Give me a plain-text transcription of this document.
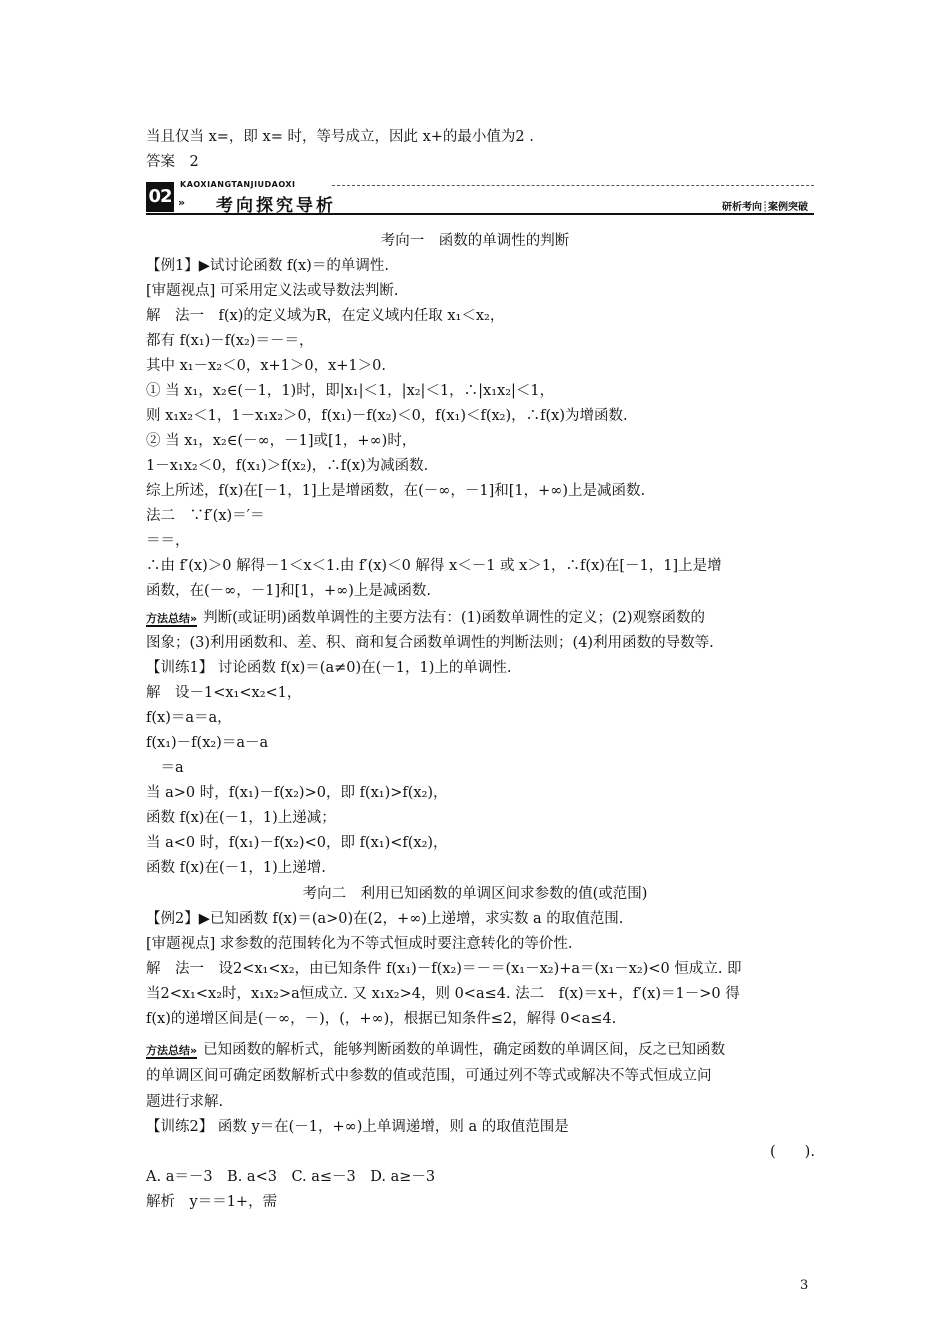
当且仅当 x=，即 x= 时，等号成立，因此 x+的最小值为2 .
答案　2
02
KAOXIANGTANJIUDAOXI
» 考向探究导析	研析考向┊案例突破
考向一　函数的单调性的判断
【例1】▶试讨论函数 f(x)＝的单调性.
[审题视点] 可采用定义法或导数法判断.
解　法一　f(x)的定义域为R，在定义域内任取 x₁＜x₂，
都有 f(x₁)－f(x₂)＝－＝，
其中 x₁－x₂＜0，x+1＞0，x+1＞0.
① 当 x₁，x₂∈(－1，1)时，即|x₁|＜1，|x₂|＜1，∴|x₁x₂|＜1，
则 x₁x₂＜1，1－x₁x₂＞0，f(x₁)－f(x₂)＜0，f(x₁)＜f(x₂)，∴f(x)为增函数.
② 当 x₁，x₂∈(－∞，－1]或[1，+∞)时，
1－x₁x₂＜0，f(x₁)＞f(x₂)，∴f(x)为减函数.
综上所述，f(x)在[－1，1]上是增函数，在(－∞，－1]和[1，+∞)上是减函数.
法二　∵f′(x)＝′＝
＝＝，
∴由 f′(x)＞0 解得－1＜x＜1.由 f′(x)＜0 解得 x＜－1 或 x＞1，∴f(x)在[－1，1]上是增
函数，在(－∞，－1]和[1，+∞)上是减函数.
方法总结» 判断(或证明)函数单调性的主要方法有：(1)函数单调性的定义；(2)观察函数的
图象；(3)利用函数和、差、积、商和复合函数单调性的判断法则；(4)利用函数的导数等.
【训练1】 讨论函数 f(x)＝(a≠0)在(－1，1)上的单调性.
解　设－1<x₁<x₂<1，
f(x)＝a＝a，
f(x₁)－f(x₂)＝a－a
　＝a
当 a>0 时，f(x₁)－f(x₂)>0，即 f(x₁)>f(x₂)，
函数 f(x)在(－1，1)上递减；
当 a<0 时，f(x₁)－f(x₂)<0，即 f(x₁)<f(x₂)，
函数 f(x)在(－1，1)上递增.
考向二　利用已知函数的单调区间求参数的值(或范围)
【例2】▶已知函数 f(x)＝(a>0)在(2，+∞)上递增，求实数 a 的取值范围.
[审题视点] 求参数的范围转化为不等式恒成时要注意转化的等价性.
解　法一　设2<x₁<x₂，由已知条件 f(x₁)－f(x₂)＝－＝(x₁－x₂)+a＝(x₁－x₂)<0 恒成立. 即
当2<x₁<x₂时，x₁x₂>a恒成立. 又 x₁x₂>4，则 0<a≤4. 法二　f(x)＝x+，f′(x)＝1－>0 得
f(x)的递增区间是(－∞，－)，(，+∞)，根据已知条件≤2，解得 0<a≤4.
方法总结» 已知函数的解析式，能够判断函数的单调性，确定函数的单调区间，反之已知函数
的单调区间可确定函数解析式中参数的值或范围，可通过列不等式或解决不等式恒成立问
题进行求解.
【训练2】 函数 y＝在(－1，+∞)上单调递增，则 a 的取值范围是
(　　).
A. a＝－3　B. a<3　C. a≤－3　D. a≥－3
解析　y＝＝1+，需
3
